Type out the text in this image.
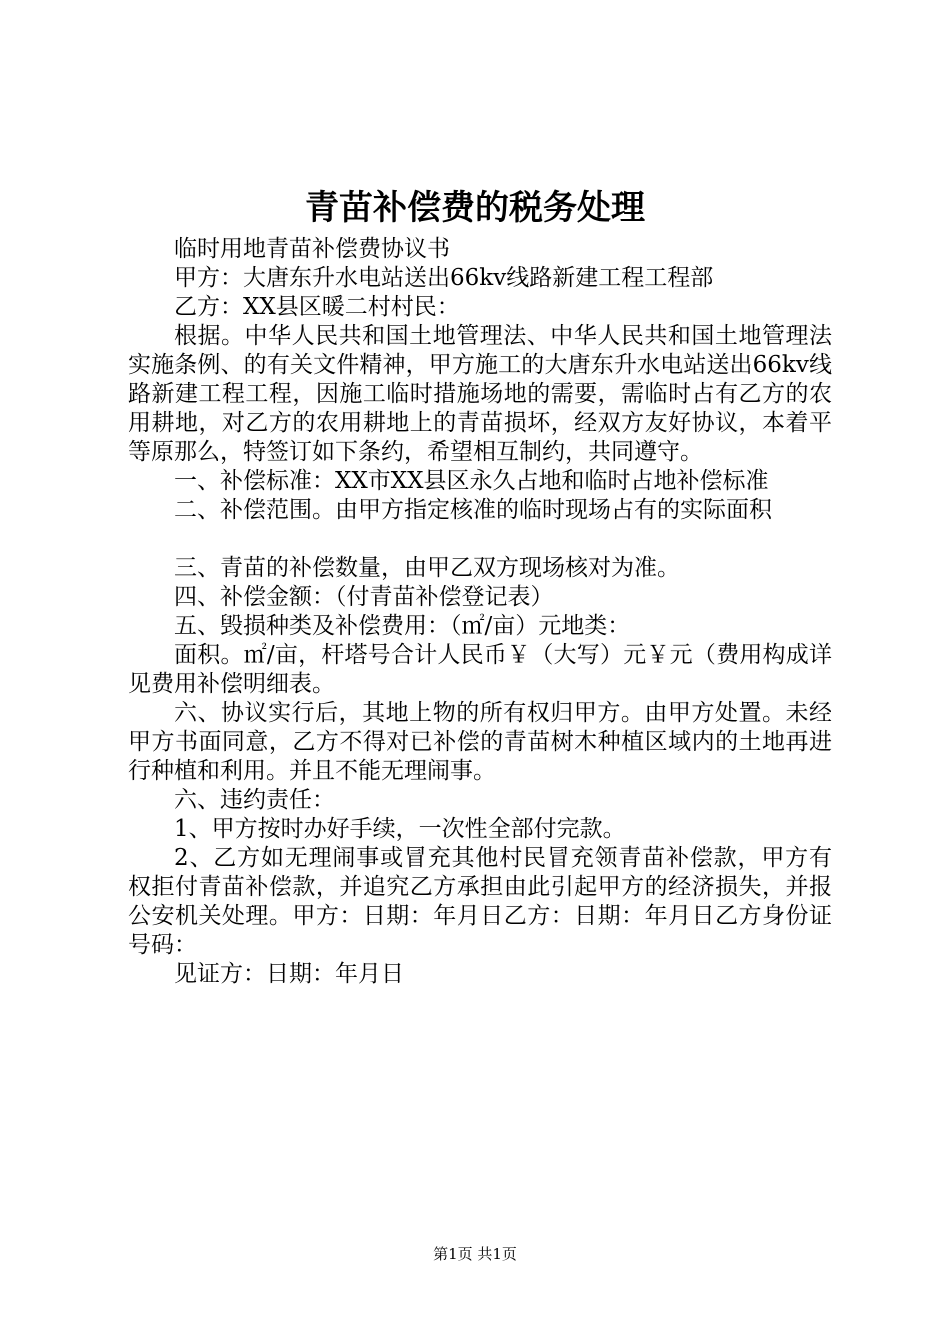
青苗补偿费的税务处理

临时用地青苗补偿费协议书

甲方：大唐东升水电站送出66kv线路新建工程工程部

乙方：XX县区暖二村村民：

根据。中华人民共和国土地管理法、中华人民共和国土地管理法实施条例、的有关文件精神，甲方施工的大唐东升水电站送出66kv线路新建工程工程，因施工临时措施场地的需要，需临时占有乙方的农用耕地，对乙方的农用耕地上的青苗损坏，经双方友好协议，本着平等原那么，特签订如下条约，希望相互制约，共同遵守。

一、补偿标准：XX市XX县区永久占地和临时占地补偿标准

二、补偿范围。由甲方指定核准的临时现场占有的实际面积

三、青苗的补偿数量，由甲乙双方现场核对为准。

四、补偿金额：（付青苗补偿登记表）

五、毁损种类及补偿费用：（㎡/亩）元地类：

面积。㎡/亩，杆塔号合计人民币￥（大写）元￥元（费用构成详见费用补偿明细表。

六、协议实行后，其地上物的所有权归甲方。由甲方处置。未经甲方书面同意，乙方不得对已补偿的青苗树木种植区域内的土地再进行种植和利用。并且不能无理闹事。

六、违约责任：

1、甲方按时办好手续，一次性全部付完款。

2、乙方如无理闹事或冒充其他村民冒充领青苗补偿款，甲方有权拒付青苗补偿款，并追究乙方承担由此引起甲方的经济损失，并报公安机关处理。甲方：日期：年月日乙方：日期：年月日乙方身份证号码：

见证方：日期：年月日

第1页 共1页
